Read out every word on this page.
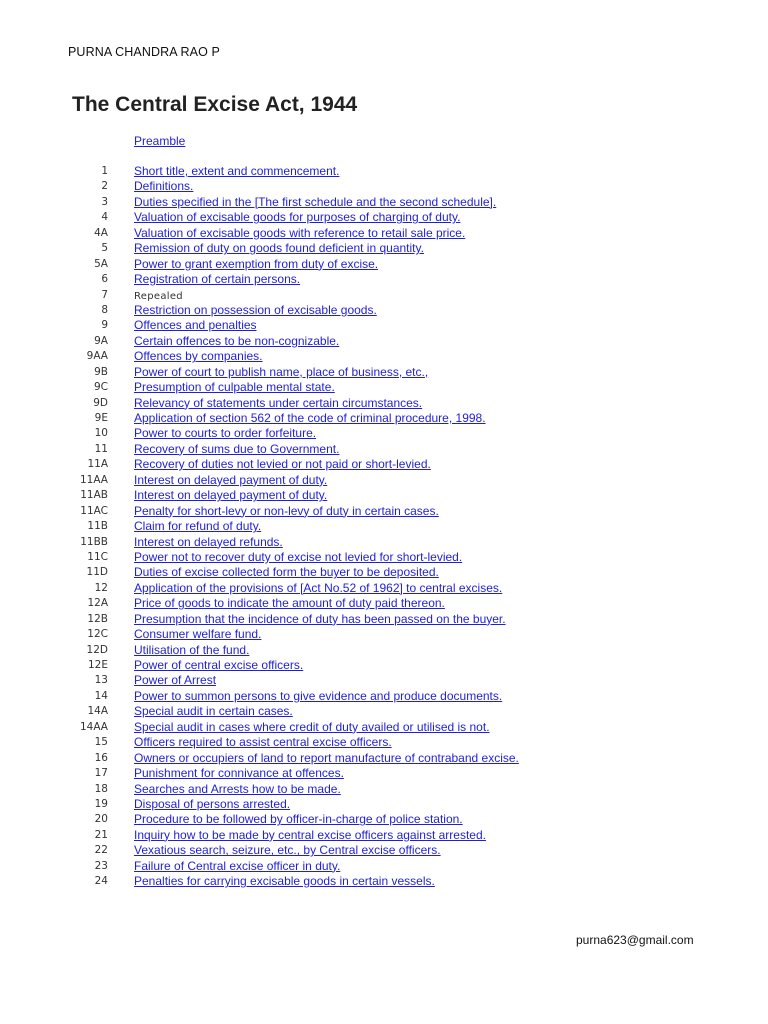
PURNA CHANDRA RAO P
The Central Excise Act, 1944
Preamble
1 Short title, extent and commencement.
2 Definitions.
3 Duties specified in the [The first schedule and the second schedule].
4 Valuation of excisable goods for purposes of charging of duty.
4A Valuation of excisable goods with reference to retail sale price.
5 Remission of duty on goods found deficient in quantity.
5A Power to grant exemption from duty of excise.
6 Registration of certain persons.
7	Repealed
8 Restriction on possession of excisable goods.
9 Offences and penalties
9A Certain offences to be non-cognizable.
9AA Offences by companies.
9B Power of court to publish name, place of business, etc.,
9C Presumption of culpable mental state.
9D Relevancy of statements under certain circumstances.
9E Application of section 562 of the code of criminal procedure, 1998.
10 Power to courts to order forfeiture.
11 Recovery of sums due to Government.
11A Recovery of duties not levied or not paid or short-levied.
11AA Interest on delayed payment of duty.
11AB Interest on delayed payment of duty.
11AC Penalty for short-levy or non-levy of duty in certain cases.
11B Claim for refund of duty.
11BB Interest on delayed refunds.
11C Power not to recover duty of excise not levied for short-levied.
11D Duties of excise collected form the buyer to be deposited.
12 Application of the provisions of [Act No.52 of 1962] to central excises.
12A Price of goods to indicate the amount of duty paid thereon.
12B Presumption that the incidence of duty has been passed on the buyer.
12C Consumer welfare fund.
12D Utilisation of the fund.
12E Power of central excise officers.
13 Power of Arrest
14 Power to summon persons to give evidence and produce documents.
14A Special audit in certain cases.
14AA Special audit in cases where credit of duty availed or utilised is not.
15 Officers required to assist central excise officers.
16 Owners or occupiers of land to report manufacture of contraband excise.
17 Punishment for connivance at offences.
18 Searches and Arrests how to be made.
19 Disposal of persons arrested.
20 Procedure to be followed by officer-in-charge of police station.
21 Inquiry how to be made by central excise officers against arrested.
22 Vexatious search, seizure, etc., by Central excise officers.
23 Failure of Central excise officer in duty.
24 Penalties for carrying excisable goods in certain vessels.
purna623@gmail.com
